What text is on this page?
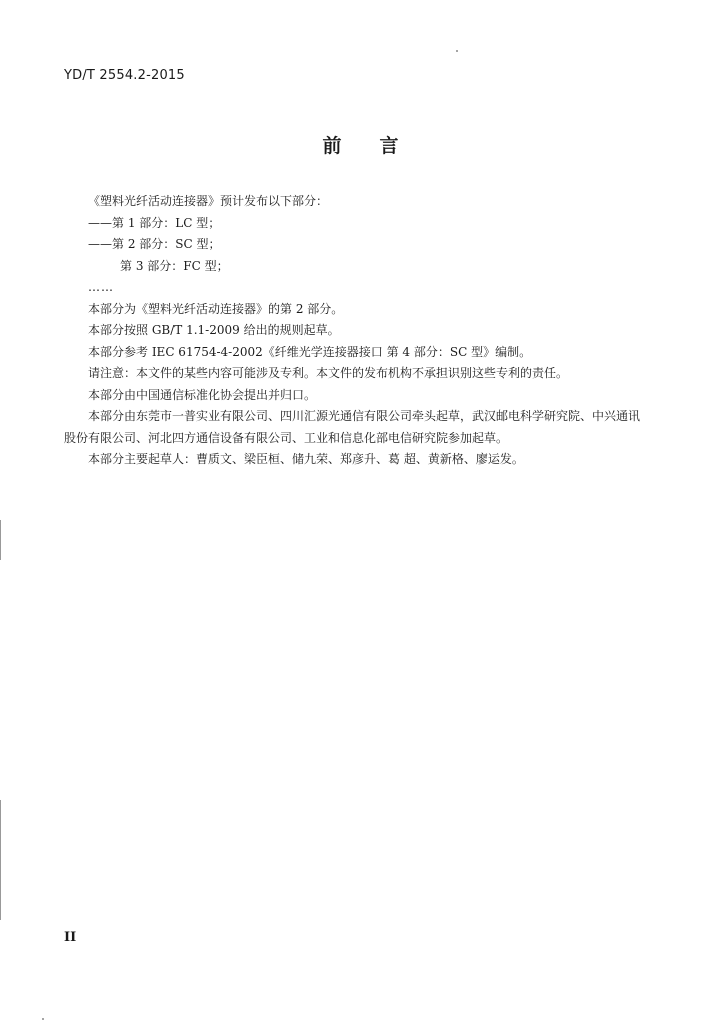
YD/T 2554.2-2015
前 言

《塑料光纤活动连接器》预计发布以下部分：

——第 1 部分：LC 型；

——第 2 部分：SC 型；

第 3 部分：FC 型；

……

本部分为《塑料光纤活动连接器》的第 2 部分。

本部分按照 GB/T 1.1-2009 给出的规则起草。

本部分参考 IEC 61754-4-2002《纤维光学连接器接口 第 4 部分：SC 型》编制。

请注意：本文件的某些内容可能涉及专利。本文件的发布机构不承担识别这些专利的责任。

本部分由中国通信标准化协会提出并归口。

本部分由东莞市一普实业有限公司、四川汇源光通信有限公司牵头起草，武汉邮电科学研究院、中兴通讯股份有限公司、河北四方通信设备有限公司、工业和信息化部电信研究院参加起草。

本部分主要起草人：曹质文、梁臣桓、储九荣、郑彦升、葛 超、黄新格、廖运发。

II
